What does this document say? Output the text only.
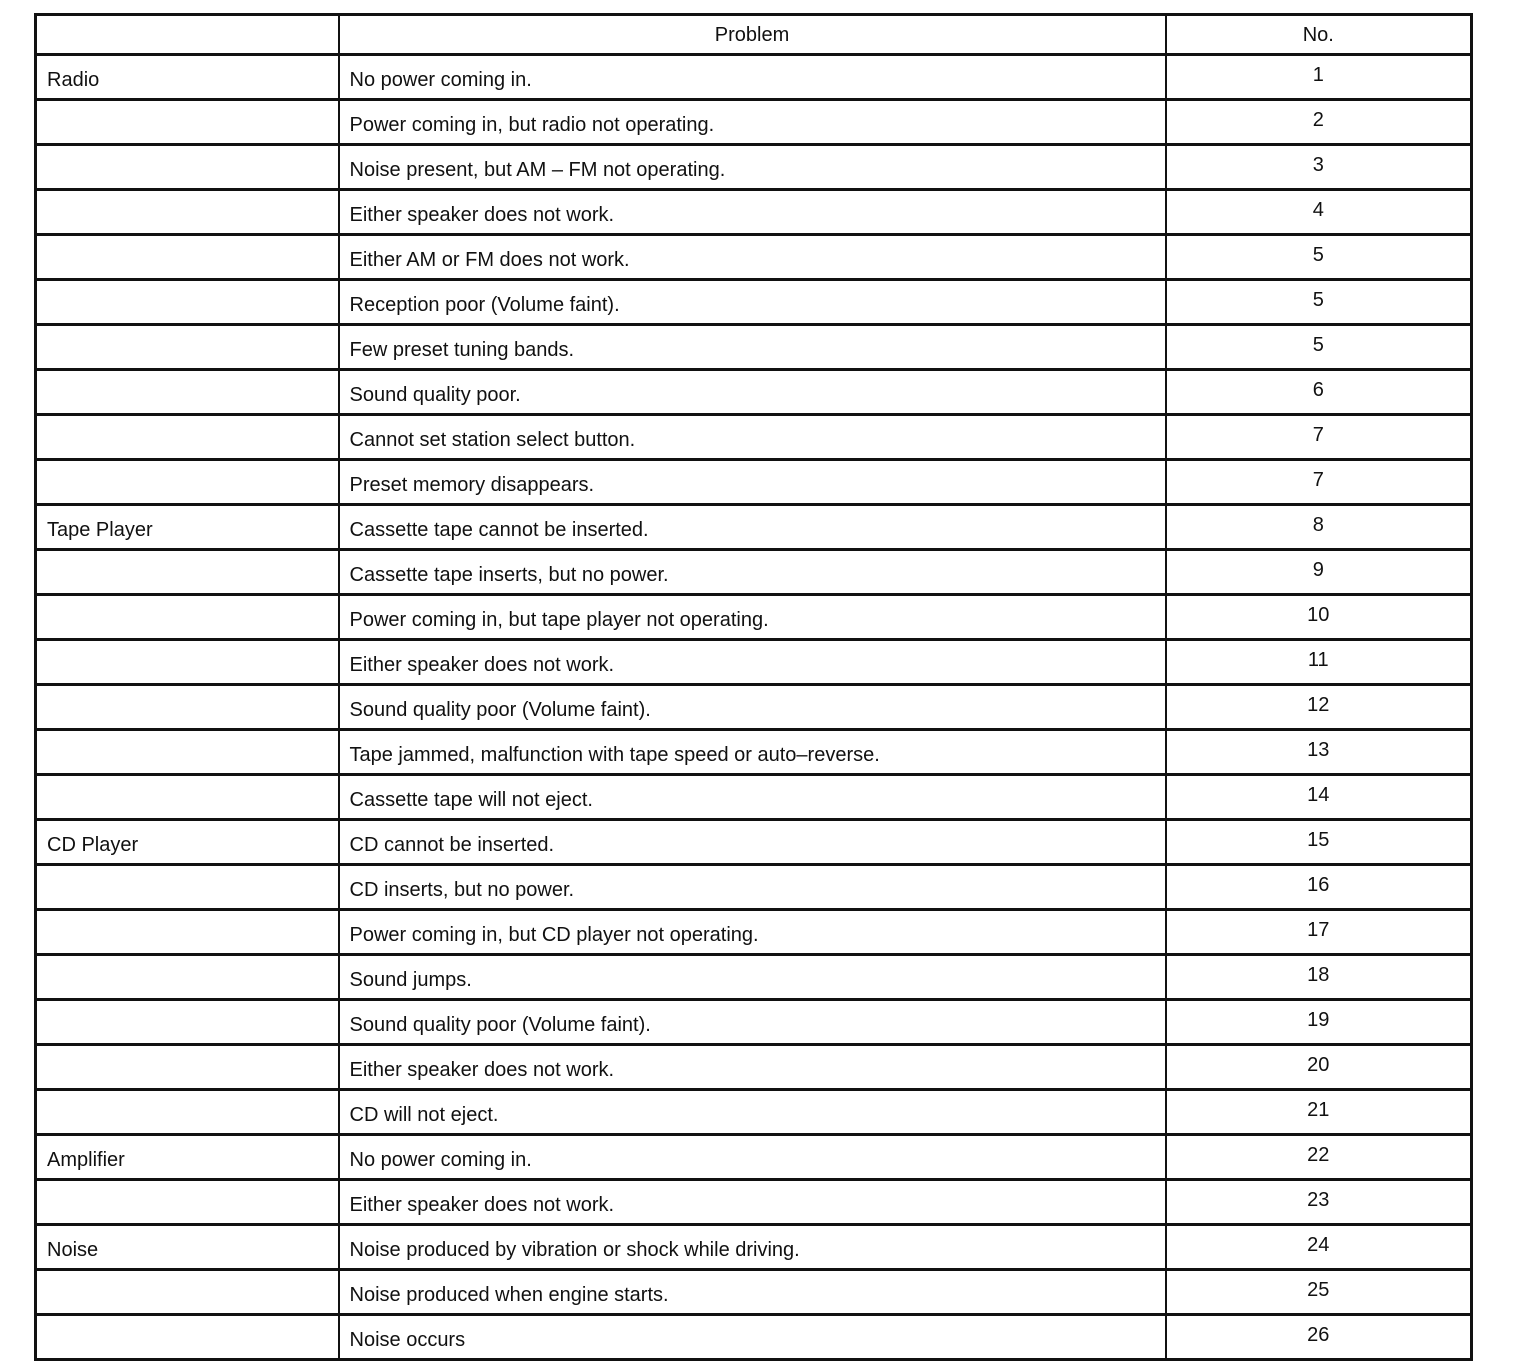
	Problem	No.
Radio	No power coming in.	1
	Power coming in, but radio not operating.	2
	Noise present, but AM – FM not operating.	3
	Either speaker does not work.	4
	Either AM or FM does not work.	5
	Reception poor (Volume faint).	5
	Few preset tuning bands.	5
	Sound quality poor.	6
	Cannot set station select button.	7
	Preset memory disappears.	7
Tape Player	Cassette tape cannot be inserted.	8
	Cassette tape inserts, but no power.	9
	Power coming in, but tape player not operating.	10
	Either speaker does not work.	11
	Sound quality poor (Volume faint).	12
	Tape jammed, malfunction with tape speed or auto–reverse.	13
	Cassette tape will not eject.	14
CD Player	CD cannot be inserted.	15
	CD inserts, but no power.	16
	Power coming in, but CD player not operating.	17
	Sound jumps.	18
	Sound quality poor (Volume faint).	19
	Either speaker does not work.	20
	CD will not eject.	21
Amplifier	No power coming in.	22
	Either speaker does not work.	23
Noise	Noise produced by vibration or shock while driving.	24
	Noise produced when engine starts.	25
	Noise occurs	26
